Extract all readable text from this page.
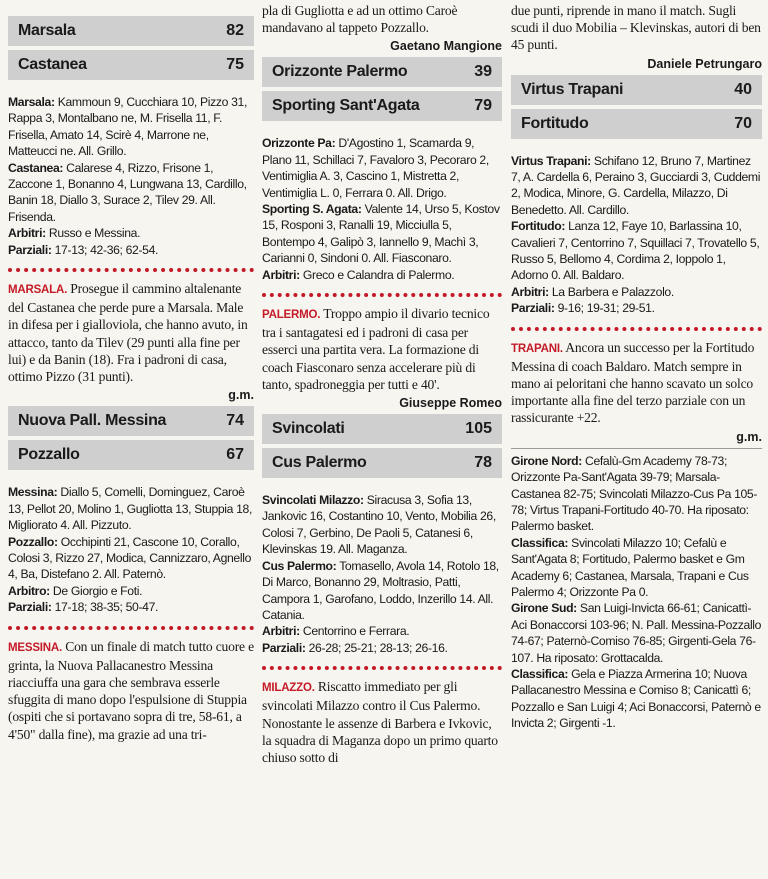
Marsala	82
Castanea	75

Marsala: Kammoun 9, Cucchiara 10, Pizzo 31, Rappa 3, Montalbano ne, M. Frisella 11, F. Frisella, Amato 14, Scirè 4, Marrone ne, Matteucci ne. All. Grillo.

Castanea: Calarese 4, Rizzo, Frisone 1, Zaccone 1, Bonanno 4, Lungwana 13, Cardillo, Banin 18, Diallo 3, Surace 2, Tilev 29. All. Frisenda.

Arbitri: Russo e Messina.

Parziali: 17-13; 42-36; 62-54.

MARSALA. Prosegue il cammino altalenante del Castanea che perde pure a Marsala. Male in difesa per i gialloviola, che hanno avuto, in attacco, tanto da Tilev (29 punti alla fine per lui) e da Banin (18). Fra i padroni di casa, ottimo Pizzo (31 punti).

g.m.
Nuova Pall. Messina	74
Pozzallo	67

Messina: Diallo 5, Comelli, Dominguez, Caroè 13, Pellot 20, Molino 1, Gugliotta 13, Stuppia 18, Migliorato 4. All. Pizzuto.

Pozzallo: Occhipinti 21, Cascone 10, Corallo, Colosi 3, Rizzo 27, Modica, Cannizzaro, Agnello 4, Ba, Distefano 2. All. Paternò.

Arbitro: De Giorgio e Foti.

Parziali: 17-18; 38-35; 50-47.

MESSINA. Con un finale di match tutto cuore e grinta, la Nuova Pallacanestro Messina riacciuffa una gara che sembrava esserle sfuggita di mano dopo l'espulsione di Stuppia (ospiti che si portavano sopra di tre, 58-61, a 4'50" dalla fine), ma grazie ad una tri-

pla di Gugliotta e ad un ottimo Caroè mandavano al tappeto Pozzallo.

Gaetano Mangione
Orizzonte Palermo	39
Sporting Sant'Agata	79

Orizzonte Pa: D'Agostino 1, Scamarda 9, Plano 11, Schillaci 7, Favaloro 3, Pecoraro 2, Ventimiglia A. 3, Cascino 1, Mistretta 2, Ventimiglia L. 0, Ferrara 0. All. Drigo.

Sporting S. Agata: Valente 14, Urso 5, Kostov 15, Rosponi 3, Ranalli 19, Micciulla 5, Bontempo 4, Galipò 3, Iannello 9, Machì 3, Carianni 0, Sindoni 0. All. Fiasconaro.

Arbitri: Greco e Calandra di Palermo.

PALERMO. Troppo ampio il divario tecnico tra i santagatesi ed i padroni di casa per esserci una partita vera. La formazione di coach Fiasconaro senza accelerare più di tanto, spadroneggia per tutti e 40'.

Giuseppe Romeo
Svincolati	105
Cus Palermo	78

Svincolati Milazzo: Siracusa 3, Sofia 13, Jankovic 16, Costantino 10, Vento, Mobilia 26, Colosi 7, Gerbino, De Paoli 5, Catanesi 6, Klevinskas 19. All. Maganza.

Cus Palermo: Tomasello, Avola 14, Rotolo 18, Di Marco, Bonanno 29, Moltrasio, Patti, Campora 1, Garofano, Loddo, Inzerillo 14. All. Catania.

Arbitri: Centorrino e Ferrara.

Parziali: 26-28; 25-21; 28-13; 26-16.

MILAZZO. Riscatto immediato per gli svincolati Milazzo contro il Cus Palermo. Nonostante le assenze di Barbera e Ivkovic, la squadra di Maganza dopo un primo quarto chiuso sotto di

due punti, riprende in mano il match. Sugli scudi il duo Mobilia – Klevinskas, autori di ben 45 punti.

Daniele Petrungaro
Virtus Trapani	40
Fortitudo	70

Virtus Trapani: Schifano 12, Bruno 7, Martinez 7, A. Cardella 6, Peraino 3, Gucciardi 3, Cuddemi 2, Modica, Minore, G. Cardella, Milazzo, Di Benedetto. All. Cardillo.

Fortitudo: Lanza 12, Faye 10, Barlassina 10, Cavalieri 7, Centorrino 7, Squillaci 7, Trovatello 5, Russo 5, Bellomo 4, Cordima 2, Ioppolo 1, Adorno 0. All. Baldaro.

Arbitri: La Barbera e Palazzolo.

Parziali: 9-16; 19-31; 29-51.

TRAPANI. Ancora un successo per la Fortitudo Messina di coach Baldaro. Match sempre in mano ai peloritani che hanno scavato un solco importante alla fine del terzo parziale con un rassicurante +22.

g.m.

Girone Nord: Cefalù-Gm Academy 78-73; Orizzonte Pa-Sant'Agata 39-79; Marsala-Castanea 82-75; Svincolati Milazzo-Cus Pa 105-78; Virtus Trapani-Fortitudo 40-70. Ha riposato: Palermo basket.

Classifica: Svincolati Milazzo 10; Cefalù e Sant'Agata 8; Fortitudo, Palermo basket e Gm Academy 6; Castanea, Marsala, Trapani e Cus Palermo 4; Orizzonte Pa 0.

Girone Sud: San Luigi-Invicta 66-61; Canicattì-Aci Bonaccorsi 103-96; N. Pall. Messina-Pozzallo 74-67; Paternò-Comiso 76-85; Girgenti-Gela 76-107. Ha riposato: Grottacalda.

Classifica: Gela e Piazza Armerina 10; Nuova Pallacanestro Messina e Comiso 8; Canicattì 6; Pozzallo e San Luigi 4; Aci Bonaccorsi, Paternò e Invicta 2; Girgenti -1.
